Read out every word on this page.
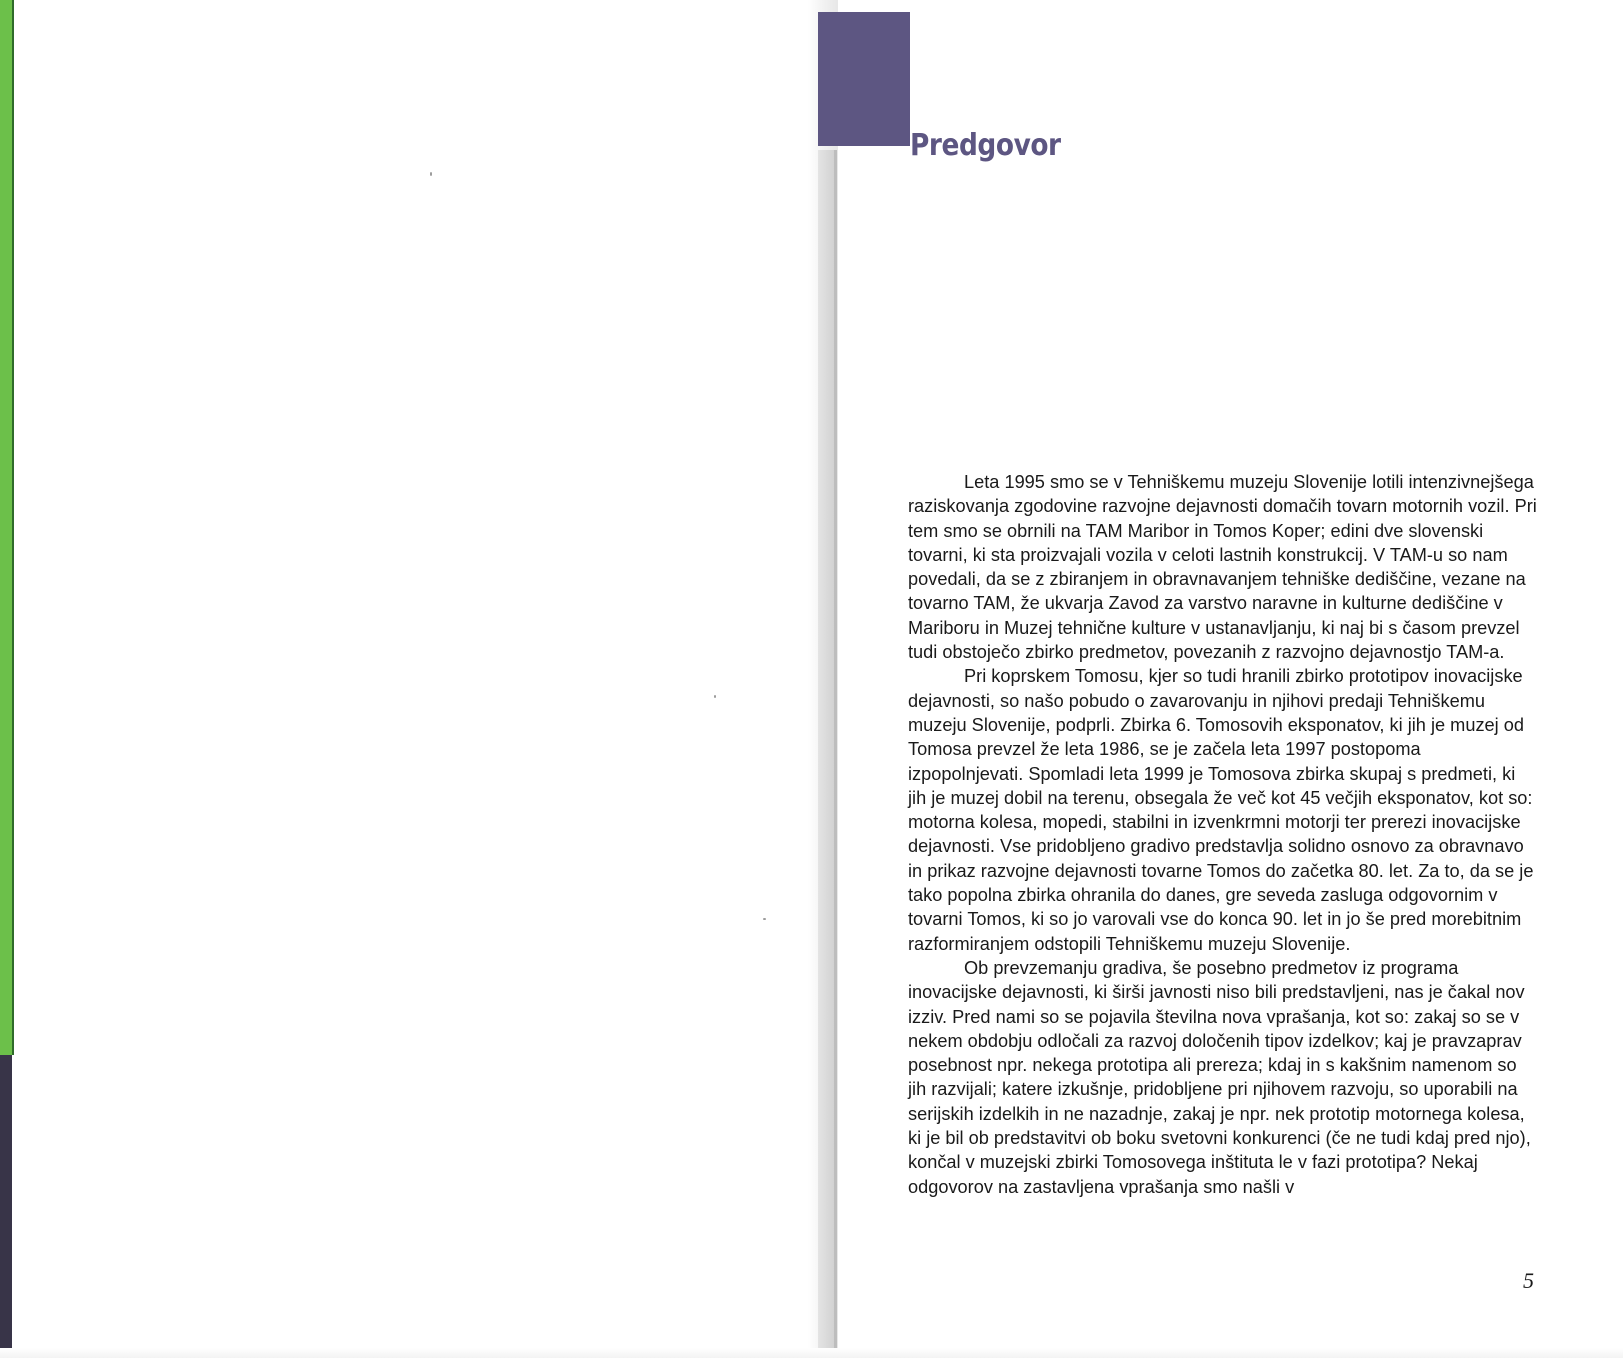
Predgovor

Leta 1995 smo se v Tehniškemu muzeju Slovenije lotili intenzivnejšega raziskovanja zgodovine razvojne dejavnosti domačih tovarn motornih vozil. Pri tem smo se obrnili na TAM Maribor in Tomos Koper; edini dve slovenski tovarni, ki sta proizvajali vozila v celoti lastnih konstrukcij. V TAM-u so nam povedali, da se z zbiranjem in obravnavanjem tehniške dediščine, vezane na tovarno TAM, že ukvarja Zavod za varstvo naravne in kulturne dediščine v Mariboru in Muzej tehnične kulture v ustanavljanju, ki naj bi s časom prevzel tudi obstoječo zbirko predmetov, povezanih z razvojno dejavnostjo TAM-a.

Pri koprskem Tomosu, kjer so tudi hranili zbirko prototipov inovacijske dejavnosti, so našo pobudo o zavarovanju in njihovi predaji Tehniškemu muzeju Slovenije, podprli. Zbirka 6. Tomosovih eksponatov, ki jih je muzej od Tomosa prevzel že leta 1986, se je začela leta 1997 postopoma izpopolnjevati. Spomladi leta 1999 je Tomosova zbirka skupaj s predmeti, ki jih je muzej dobil na terenu, obsegala že več kot 45 večjih eksponatov, kot so: motorna kolesa, mopedi, stabilni in izvenkrmni motorji ter prerezi inovacijske dejavnosti. Vse pridobljeno gradivo predstavlja solidno osnovo za obravnavo in prikaz razvojne dejavnosti tovarne Tomos do začetka 80. let. Za to, da se je tako popolna zbirka ohranila do danes, gre seveda zasluga odgovornim v tovarni Tomos, ki so jo varovali vse do konca 90. let in jo še pred morebitnim razformiranjem odstopili Tehniškemu muzeju Slovenije.

Ob prevzemanju gradiva, še posebno predmetov iz programa inovacijske dejavnosti, ki širši javnosti niso bili predstavljeni, nas je čakal nov izziv. Pred nami so se pojavila številna nova vprašanja, kot so: zakaj so se v nekem obdobju odločali za razvoj določenih tipov izdelkov; kaj je pravzaprav posebnost npr. nekega prototipa ali prereza; kdaj in s kakšnim namenom so jih razvijali; katere izkušnje, pridobljene pri njihovem razvoju, so uporabili na serijskih izdelkih in ne nazadnje, zakaj je npr. nek prototip motornega kolesa, ki je bil ob predstavitvi ob boku svetovni konkurenci (če ne tudi kdaj pred njo), končal v muzejski zbirki Tomosovega inštituta le v fazi prototipa? Nekaj odgovorov na zastavljena vprašanja smo našli v

5
